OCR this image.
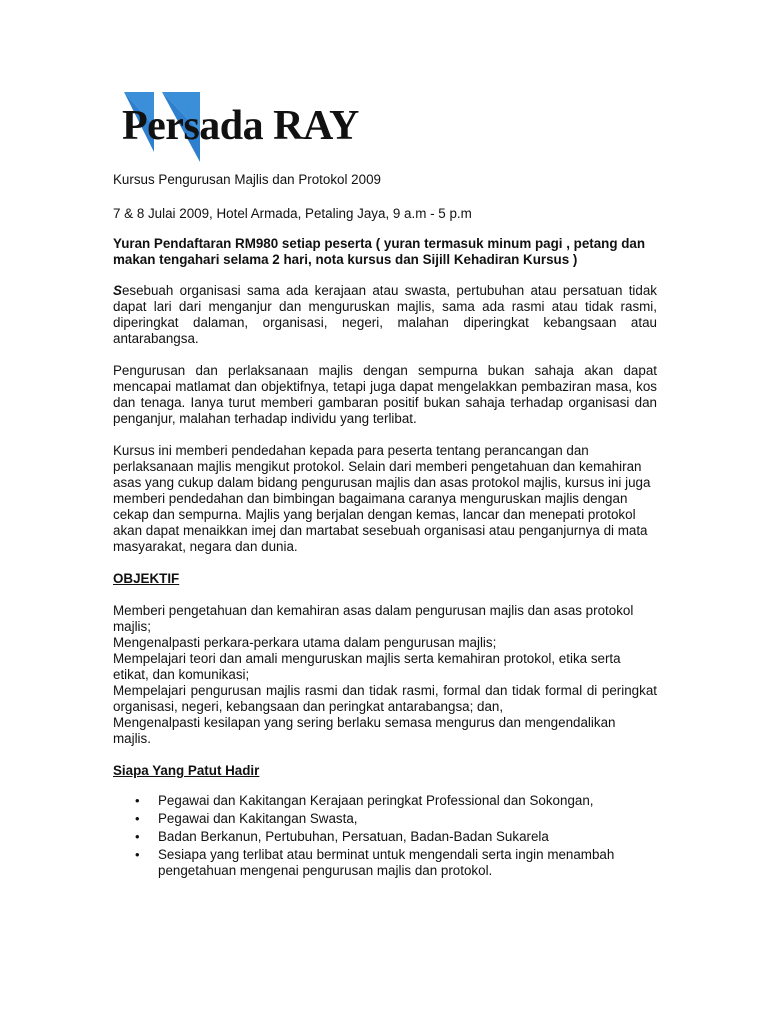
Persada RAY

Kursus Pengurusan Majlis dan Protokol 2009

7 & 8 Julai 2009, Hotel Armada, Petaling Jaya, 9 a.m - 5 p.m

Yuran Pendaftaran RM980 setiap peserta ( yuran termasuk minum pagi , petang dan makan tengahari selama 2 hari, nota kursus dan Sijill Kehadiran Kursus )

Sesebuah organisasi sama ada kerajaan atau swasta, pertubuhan atau persatuan tidak dapat lari dari menganjur dan menguruskan majlis, sama ada rasmi atau tidak rasmi, diperingkat dalaman, organisasi, negeri, malahan diperingkat kebangsaan atau antarabangsa.

Pengurusan dan perlaksanaan majlis dengan sempurna bukan sahaja akan dapat mencapai matlamat dan objektifnya, tetapi juga dapat mengelakkan pembaziran masa, kos dan tenaga. Ianya turut memberi gambaran positif bukan sahaja terhadap organisasi dan penganjur, malahan terhadap individu yang terlibat.

Kursus ini memberi pendedahan kepada para peserta tentang perancangan dan perlaksanaan majlis mengikut protokol. Selain dari memberi pengetahuan dan kemahiran asas yang cukup dalam bidang pengurusan majlis dan asas protokol majlis, kursus ini juga memberi pendedahan dan bimbingan bagaimana caranya menguruskan majlis dengan cekap dan sempurna. Majlis yang berjalan dengan kemas, lancar dan menepati protokol akan dapat menaikkan imej dan martabat sesebuah organisasi atau penganjurnya di mata masyarakat, negara dan dunia.

OBJEKTIF

Memberi pengetahuan dan kemahiran asas dalam pengurusan majlis dan asas protokol majlis;

Mengenalpasti perkara-perkara utama dalam pengurusan majlis;

Mempelajari teori dan amali menguruskan majlis serta kemahiran protokol, etika serta etikat, dan komunikasi;

Mempelajari pengurusan majlis rasmi dan tidak rasmi, formal dan tidak formal di peringkat organisasi, negeri, kebangsaan dan peringkat antarabangsa; dan,

Mengenalpasti kesilapan yang sering berlaku semasa mengurus dan mengendalikan majlis.

Siapa Yang Patut Hadir

• Pegawai dan Kakitangan Kerajaan peringkat Professional dan Sokongan,
• Pegawai dan Kakitangan Swasta,
• Badan Berkanun, Pertubuhan, Persatuan, Badan-Badan Sukarela
• Sesiapa yang terlibat atau berminat untuk mengendali serta ingin menambah pengetahuan mengenai pengurusan majlis dan protokol.
